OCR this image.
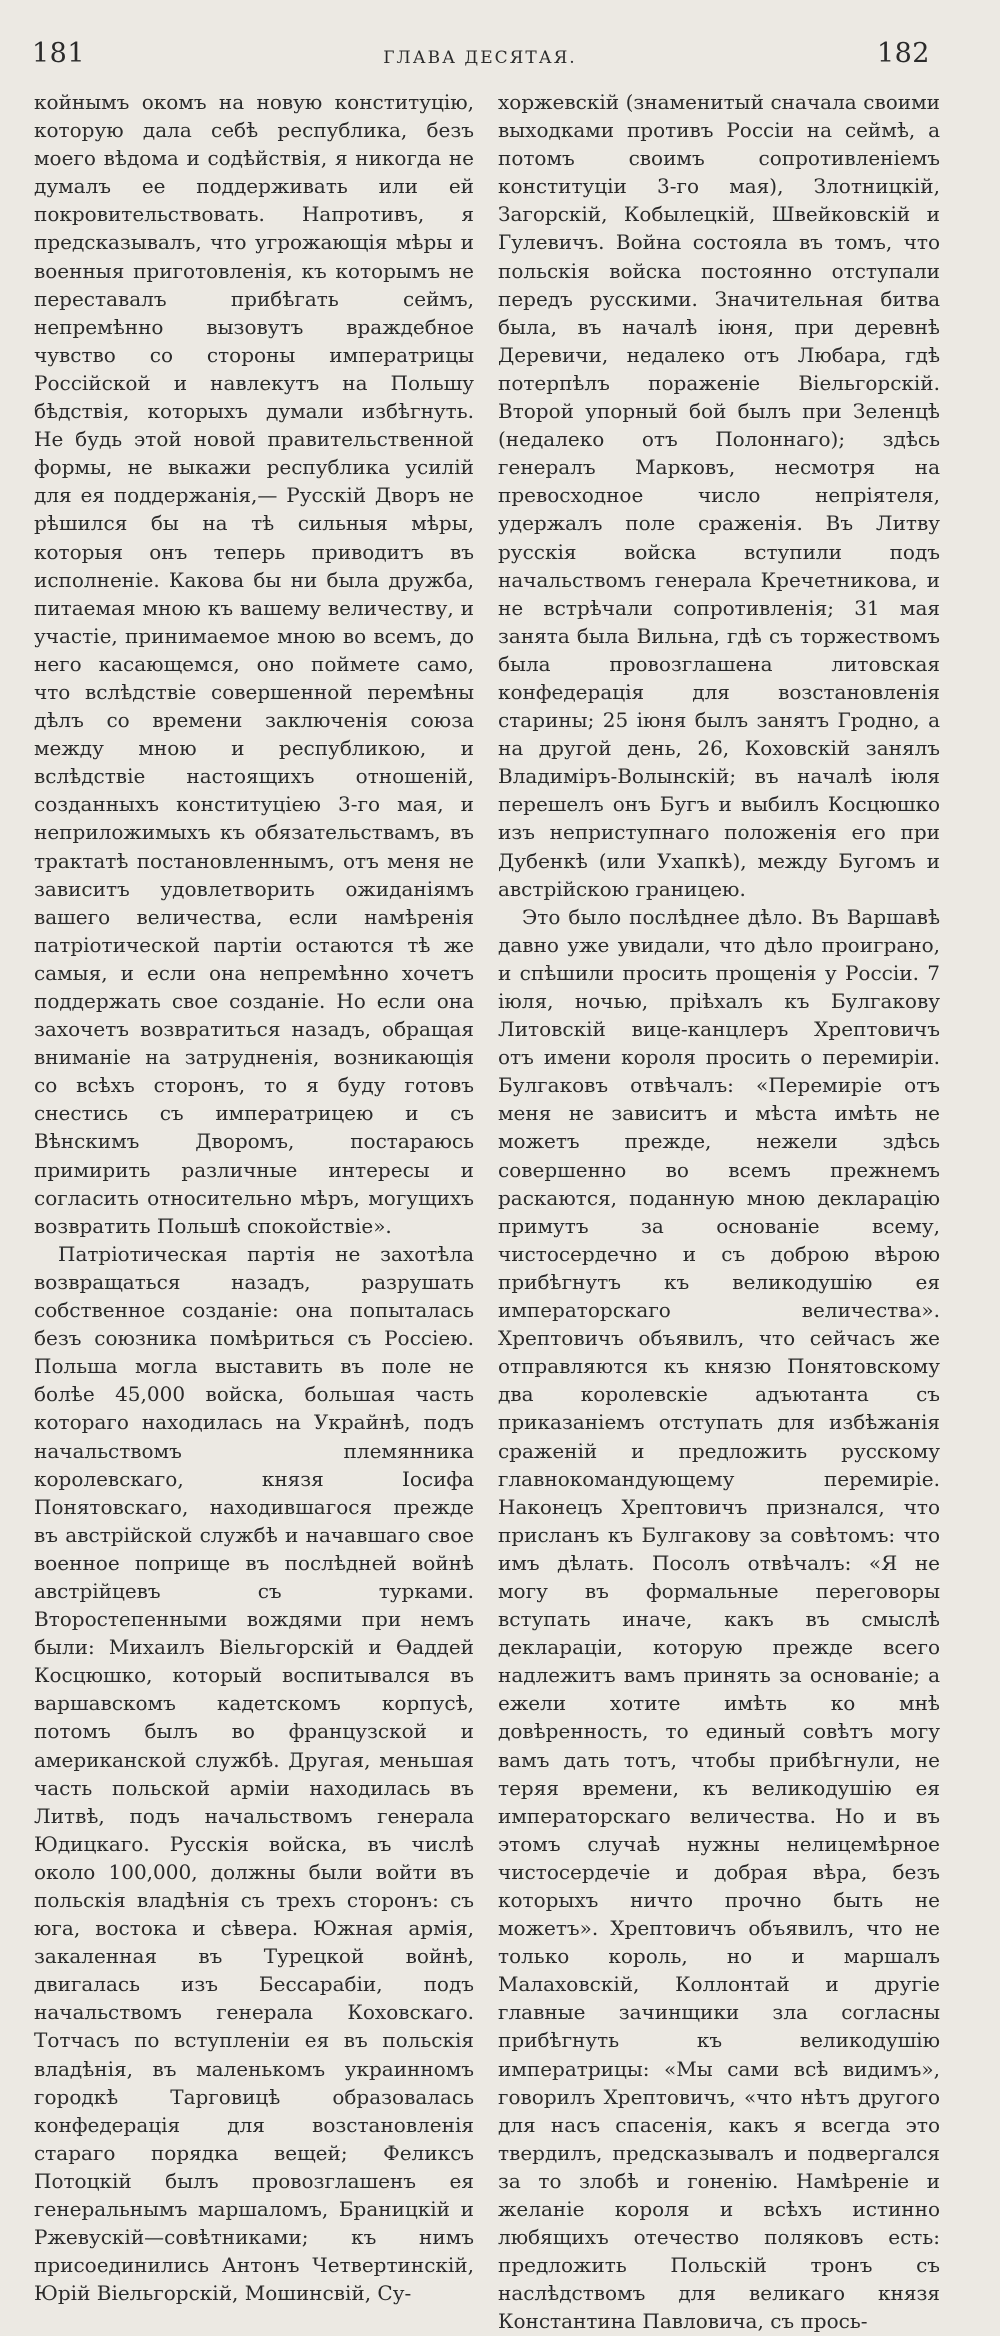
181	ГЛАВА ДЕСЯТАЯ.	182

койнымъ окомъ на новую конституцію, которую дала себѣ республика, безъ моего вѣдома и содѣйствія, я никогда не думалъ ее поддерживать или ей покровительствовать. Напротивъ, я предсказывалъ, что угрожающія мѣры и военныя приготовленія, къ которымъ не переставалъ прибѣгать сеймъ, непремѣнно вызовутъ враждебное чувство со стороны императрицы Россійской и навлекутъ на Польшу бѣдствія, которыхъ думали избѣгнуть. Не будь этой новой правительственной формы, не выкажи республика усилій для ея поддержанія,— Русскій Дворъ не рѣшился бы на тѣ сильныя мѣры, которыя онъ теперь приводитъ въ исполненіе. Какова бы ни была дружба, питаемая мною къ вашему величеству, и участіе, принимаемое мною во всемъ, до него касающемся, оно поймете само, что вслѣдствіе совершенной перемѣны дѣлъ со времени заключенія союза между мною и республикою, и вслѣдствіе настоящихъ отношеній, созданныхъ конституціею 3-го мая, и неприложимыхъ къ обязательствамъ, въ трактатѣ постановленнымъ, отъ меня не зависитъ удовлетворить ожиданіямъ вашего величества, если намѣренія патріотической партіи остаются тѣ же самыя, и если она непремѣнно хочетъ поддержать свое созданіе. Но если она захочетъ возвратиться назадъ, обращая вниманіе на затрудненія, возникающія со всѣхъ сторонъ, то я буду готовъ снестись съ императрицею и съ Вѣнскимъ Дворомъ, постараюсь примирить различные интересы и согласить относительно мѣръ, могущихъ возвратить Польшѣ спокойствіе».

Патріотическая партія не захотѣла возвращаться назадъ, разрушать собственное созданіе: она попыталась безъ союзника помѣриться съ Россіею. Польша могла выставить въ поле не болѣе 45,000 войска, большая часть котораго находилась на Украйнѣ, подъ начальствомъ племянника королевскаго, князя Іосифа Понятовскаго, находившагося прежде въ австрійской службѣ и начавшаго свое военное поприще въ послѣдней войнѣ австрійцевъ съ турками. Второстепенными вождями при немъ были: Михаилъ Віельгорскій и Ѳаддей Косцюшко, который воспитывался въ варшавскомъ кадетскомъ корпусѣ, потомъ былъ во французской и американской службѣ. Другая, меньшая часть польской арміи находилась въ Литвѣ, подъ начальствомъ генерала Юдицкаго. Русскія войска, въ числѣ около 100,000, должны были войти въ польскія владѣнія съ трехъ сторонъ: съ юга, востока и сѣвера. Южная армія, закаленная въ Турецкой войнѣ, двигалась изъ Бессарабіи, подъ начальствомъ генерала Коховскаго. Тотчасъ по вступленіи ея въ польскія владѣнія, въ маленькомъ украинномъ городкѣ Тарговицѣ образовалась конфедерація для возстановленія стараго порядка вещей; Феликсъ Потоцкій былъ провозглашенъ ея генеральнымъ маршаломъ, Браницкій и Ржевускій—совѣтниками; къ нимъ присоединились Антонъ Четвертинскій, Юрій Віельгорскій, Мошинсвій, Су-

хоржевскій (знаменитый сначала своими выходками противъ Россіи на сеймѣ, а потомъ своимъ сопротивленіемъ конституціи 3-го мая), Злотницкій, Загорскій, Кобылецкій, Швейковскій и Гулевичъ. Война состояла въ томъ, что польскія войска постоянно отступали передъ русскими. Значительная битва была, въ началѣ іюня, при деревнѣ Деревичи, недалеко отъ Любара, гдѣ потерпѣлъ пораженіе Віельгорскій. Второй упорный бой былъ при Зеленцѣ (недалеко отъ Полоннаго); здѣсь генералъ Марковъ, несмотря на превосходное число непріятеля, удержалъ поле сраженія. Въ Литву русскія войска вступили подъ начальствомъ генерала Кречетникова, и не встрѣчали сопротивленія; 31 мая занята была Вильна, гдѣ съ торжествомъ была провозглашена литовская конфедерація для возстановленія старины; 25 іюня былъ занятъ Гродно, а на другой день, 26, Коховскій занялъ Владиміръ-Волынскій; въ началѣ іюля перешелъ онъ Бугъ и выбилъ Косцюшко изъ неприступнаго положенія его при Дубенкѣ (или Ухапкѣ), между Бугомъ и австрійскою границею.

Это было послѣднее дѣло. Въ Варшавѣ давно уже увидали, что дѣло проиграно, и спѣшили просить прощенія у Россіи. 7 іюля, ночью, пріѣхалъ къ Булгакову Литовскій вице-канцлеръ Хрептовичъ отъ имени короля просить о перемиріи. Булгаковъ отвѣчалъ: «Перемиріе отъ меня не зависитъ и мѣста имѣть не можетъ прежде, нежели здѣсь совершенно во всемъ прежнемъ раскаются, поданную мною декларацію примутъ за основаніе всему, чистосердечно и съ доброю вѣрою прибѣгнутъ къ великодушію ея императорскаго величества». Хрептовичъ объявилъ, что сейчасъ же отправляются къ князю Понятовскому два королевскіе адъютанта съ приказаніемъ отступать для избѣжанія сраженій и предложить русскому главнокомандующему перемиріе. Наконецъ Хрептовичъ признался, что присланъ къ Булгакову за совѣтомъ: что имъ дѣлать. Посолъ отвѣчалъ: «Я не могу въ формальные переговоры вступать иначе, какъ въ смыслѣ деклараціи, которую прежде всего надлежитъ вамъ принять за основаніе; а ежели хотите имѣть ко мнѣ довѣренность, то единый совѣтъ могу вамъ дать тотъ, чтобы прибѣгнули, не теряя времени, къ великодушію ея императорскаго величества. Но и въ этомъ случаѣ нужны нелицемѣрное чистосердечіе и добрая вѣра, безъ которыхъ ничто прочно быть не можетъ». Хрептовичъ объявилъ, что не только король, но и маршалъ Малаховскій, Коллонтай и другіе главные зачинщики зла согласны прибѣгнуть къ великодушію императрицы: «Мы сами всѣ видимъ», говорилъ Хрептовичъ, «что нѣтъ другого для насъ спасенія, какъ я всегда это твердилъ, предсказывалъ и подвергался за то злобѣ и гоненію. Намѣреніе и желаніе короля и всѣхъ истинно любящихъ отечество поляковъ есть: предложить Польскій тронъ съ наслѣдствомъ для великаго князя Константина Павловича, съ прось-
